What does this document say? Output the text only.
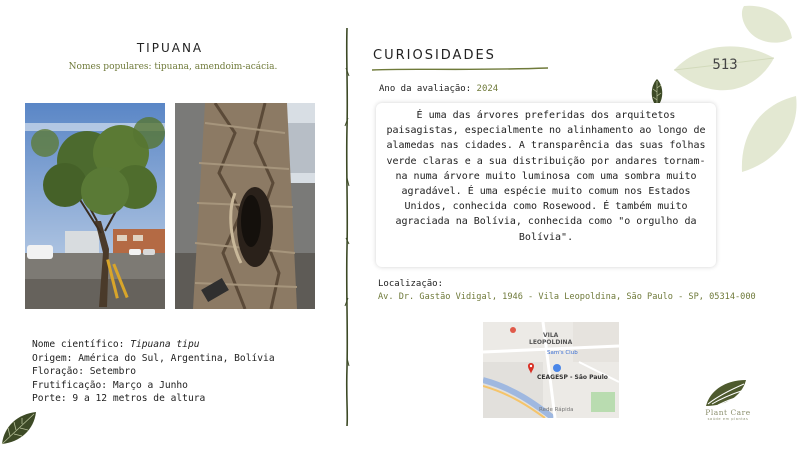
513
TIPUANA
Nomes populares: tipuana, amendoim-acácia.
Nome científico: Tipuana tipu
Origem: América do Sul, Argentina, Bolívia
Floração: Setembro
Frutificação: Março a Junho
Porte: 9 a 12 metros de altura
CURIOSIDADES
Ano da avaliação: 2024
É uma das árvores preferidas dos arquitetos paisagistas, especialmente no alinhamento ao longo de alamedas nas cidades. A transparência das suas folhas verde claras e a sua distribuição por andares tornam-na numa árvore muito luminosa com uma sombra muito agradável. É uma espécie muito comum nos Estados Unidos, conhecida como Rosewood. É também muito agraciada na Bolívia, conhecida como "o orgulho da Bolívia".
Localização:
Av. Dr. Gastão Vidigal, 1946 - Vila Leopoldina, São Paulo - SP, 05314-000
VILA
LEOPOLDINA
Sam's Club
CEAGESP - São Paulo
Rede Rápida	Plant Care
saúde em plantas
